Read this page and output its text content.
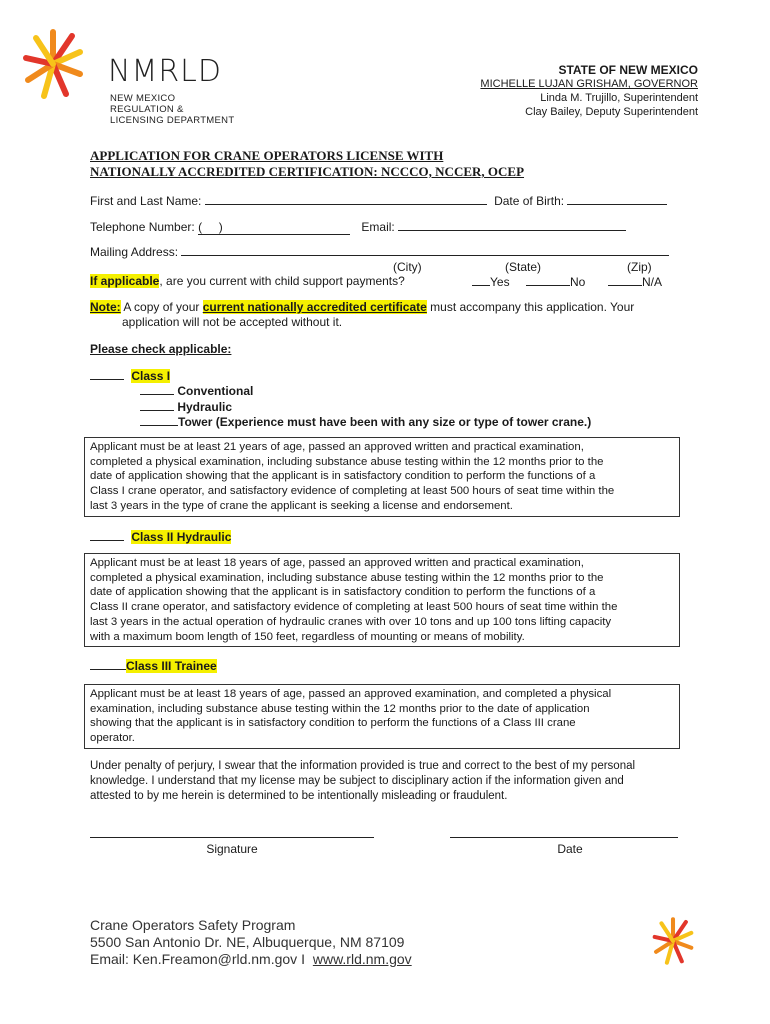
NMRLD
NEW MEXICO
REGULATION &
LICENSING DEPARTMENT
STATE OF NEW MEXICO
MICHELLE LUJAN GRISHAM, GOVERNOR
Linda M. Trujillo, Superintendent
Clay Bailey, Deputy Superintendent
APPLICATION FOR CRANE OPERATORS LICENSE WITH
NATIONALLY ACCREDITED CERTIFICATION: NCCCO, NCCER, OCEP
First and Last Name:	Date of Birth:
Telephone Number: (     )	Email:
Mailing Address:
(City)	(State)	(Zip)
If applicable, are you current with child support payments?	Yes	No	N/A
Note: A copy of your current nationally accredited certificate must accompany this application. Your
application will not be accepted without it.
Please check applicable:
Class I
Conventional
Hydraulic
Tower (Experience must have been with any size or type of tower crane.)
Applicant must be at least 21 years of age, passed an approved written and practical examination,
completed a physical examination, including substance abuse testing within the 12 months prior to the
date of application showing that the applicant is in satisfactory condition to perform the functions of a
Class I crane operator, and satisfactory evidence of completing at least 500 hours of seat time within the
last 3 years in the type of crane the applicant is seeking a license and endorsement.
Class II Hydraulic
Applicant must be at least 18 years of age, passed an approved written and practical examination,
completed a physical examination, including substance abuse testing within the 12 months prior to the
date of application showing that the applicant is in satisfactory condition to perform the functions of a
Class II crane operator, and satisfactory evidence of completing at least 500 hours of seat time within the
last 3 years in the actual operation of hydraulic cranes with over 10 tons and up 100 tons lifting capacity
with a maximum boom length of 150 feet, regardless of mounting or means of mobility.
Class III Trainee
Applicant must be at least 18 years of age, passed an approved examination, and completed a physical
examination, including substance abuse testing within the 12 months prior to the date of application
showing that the applicant is in satisfactory condition to perform the functions of a Class III crane
operator.
Under penalty of perjury, I swear that the information provided is true and correct to the best of my personal
knowledge. I understand that my license may be subject to disciplinary action if the information given and
attested to by me herein is determined to be intentionally misleading or fraudulent.
Signature	Date
Crane Operators Safety Program
5500 San Antonio Dr. NE, Albuquerque, NM 87109
Email: Ken.Freamon@rld.nm.gov I www.rld.nm.gov
